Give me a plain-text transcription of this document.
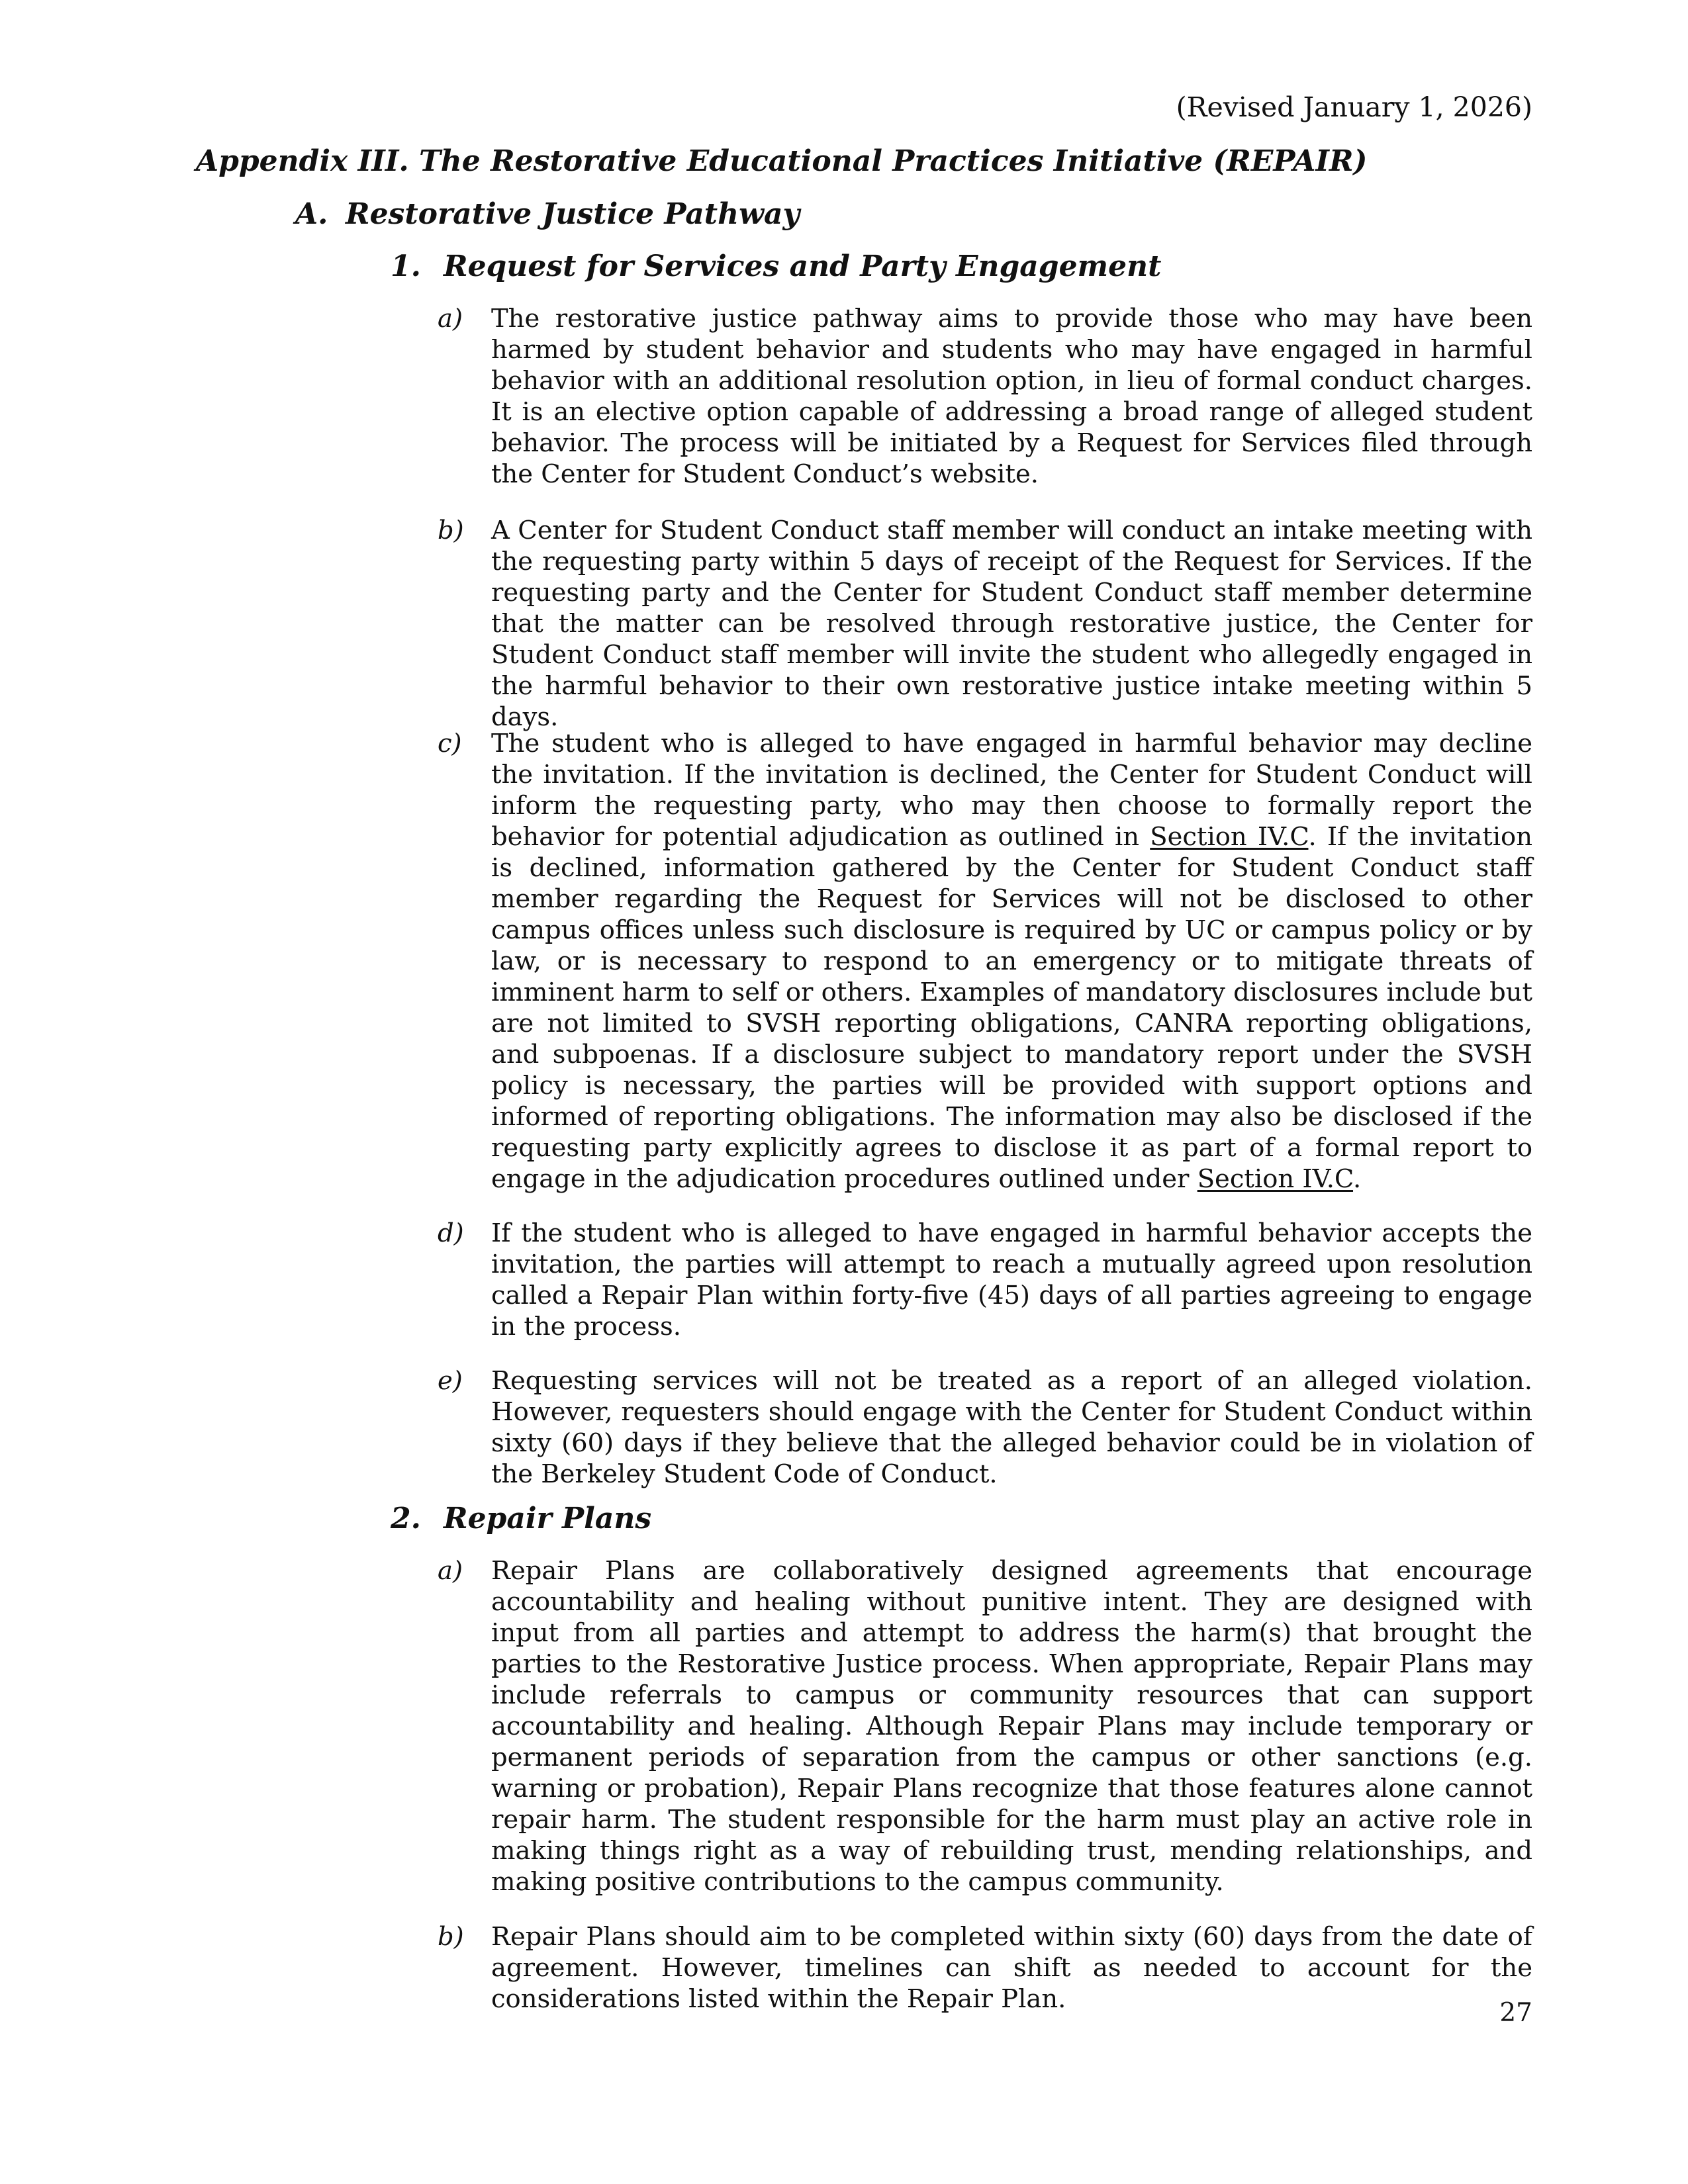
(Revised January 1, 2026)
Appendix III. The Restorative Educational Practices Initiative (REPAIR)
A. Restorative Justice Pathway
1. Request for Services and Party Engagement
a) The restorative justice pathway aims to provide those who may have been harmed by student behavior and students who may have engaged in harmful behavior with an additional resolution option, in lieu of formal conduct charges. It is an elective option capable of addressing a broad range of alleged student behavior. The process will be initiated by a Request for Services filed through the Center for Student Conduct’s website.
b) A Center for Student Conduct staff member will conduct an intake meeting with the requesting party within 5 days of receipt of the Request for Services. If the requesting party and the Center for Student Conduct staff member determine that the matter can be resolved through restorative justice, the Center for Student Conduct staff member will invite the student who allegedly engaged in the harmful behavior to their own restorative justice intake meeting within 5 days.
c) The student who is alleged to have engaged in harmful behavior may decline the invitation. If the invitation is declined, the Center for Student Conduct will inform the requesting party, who may then choose to formally report the behavior for potential adjudication as outlined in Section IV.C. If the invitation is declined, information gathered by the Center for Student Conduct staff member regarding the Request for Services will not be disclosed to other campus offices unless such disclosure is required by UC or campus policy or by law, or is necessary to respond to an emergency or to mitigate threats of imminent harm to self or others. Examples of mandatory disclosures include but are not limited to SVSH reporting obligations, CANRA reporting obligations, and subpoenas. If a disclosure subject to mandatory report under the SVSH policy is necessary, the parties will be provided with support options and informed of reporting obligations. The information may also be disclosed if the requesting party explicitly agrees to disclose it as part of a formal report to engage in the adjudication procedures outlined under Section IV.C.
d) If the student who is alleged to have engaged in harmful behavior accepts the invitation, the parties will attempt to reach a mutually agreed upon resolution called a Repair Plan within forty-five (45) days of all parties agreeing to engage in the process.
e) Requesting services will not be treated as a report of an alleged violation. However, requesters should engage with the Center for Student Conduct within sixty (60) days if they believe that the alleged behavior could be in violation of the Berkeley Student Code of Conduct.
2. Repair Plans
a) Repair Plans are collaboratively designed agreements that encourage accountability and healing without punitive intent. They are designed with input from all parties and attempt to address the harm(s) that brought the parties to the Restorative Justice process. When appropriate, Repair Plans may include referrals to campus or community resources that can support accountability and healing. Although Repair Plans may include temporary or permanent periods of separation from the campus or other sanctions (e.g. warning or probation), Repair Plans recognize that those features alone cannot repair harm. The student responsible for the harm must play an active role in making things right as a way of rebuilding trust, mending relationships, and making positive contributions to the campus community.
b) Repair Plans should aim to be completed within sixty (60) days from the date of agreement. However, timelines can shift as needed to account for the considerations listed within the Repair Plan.	27
